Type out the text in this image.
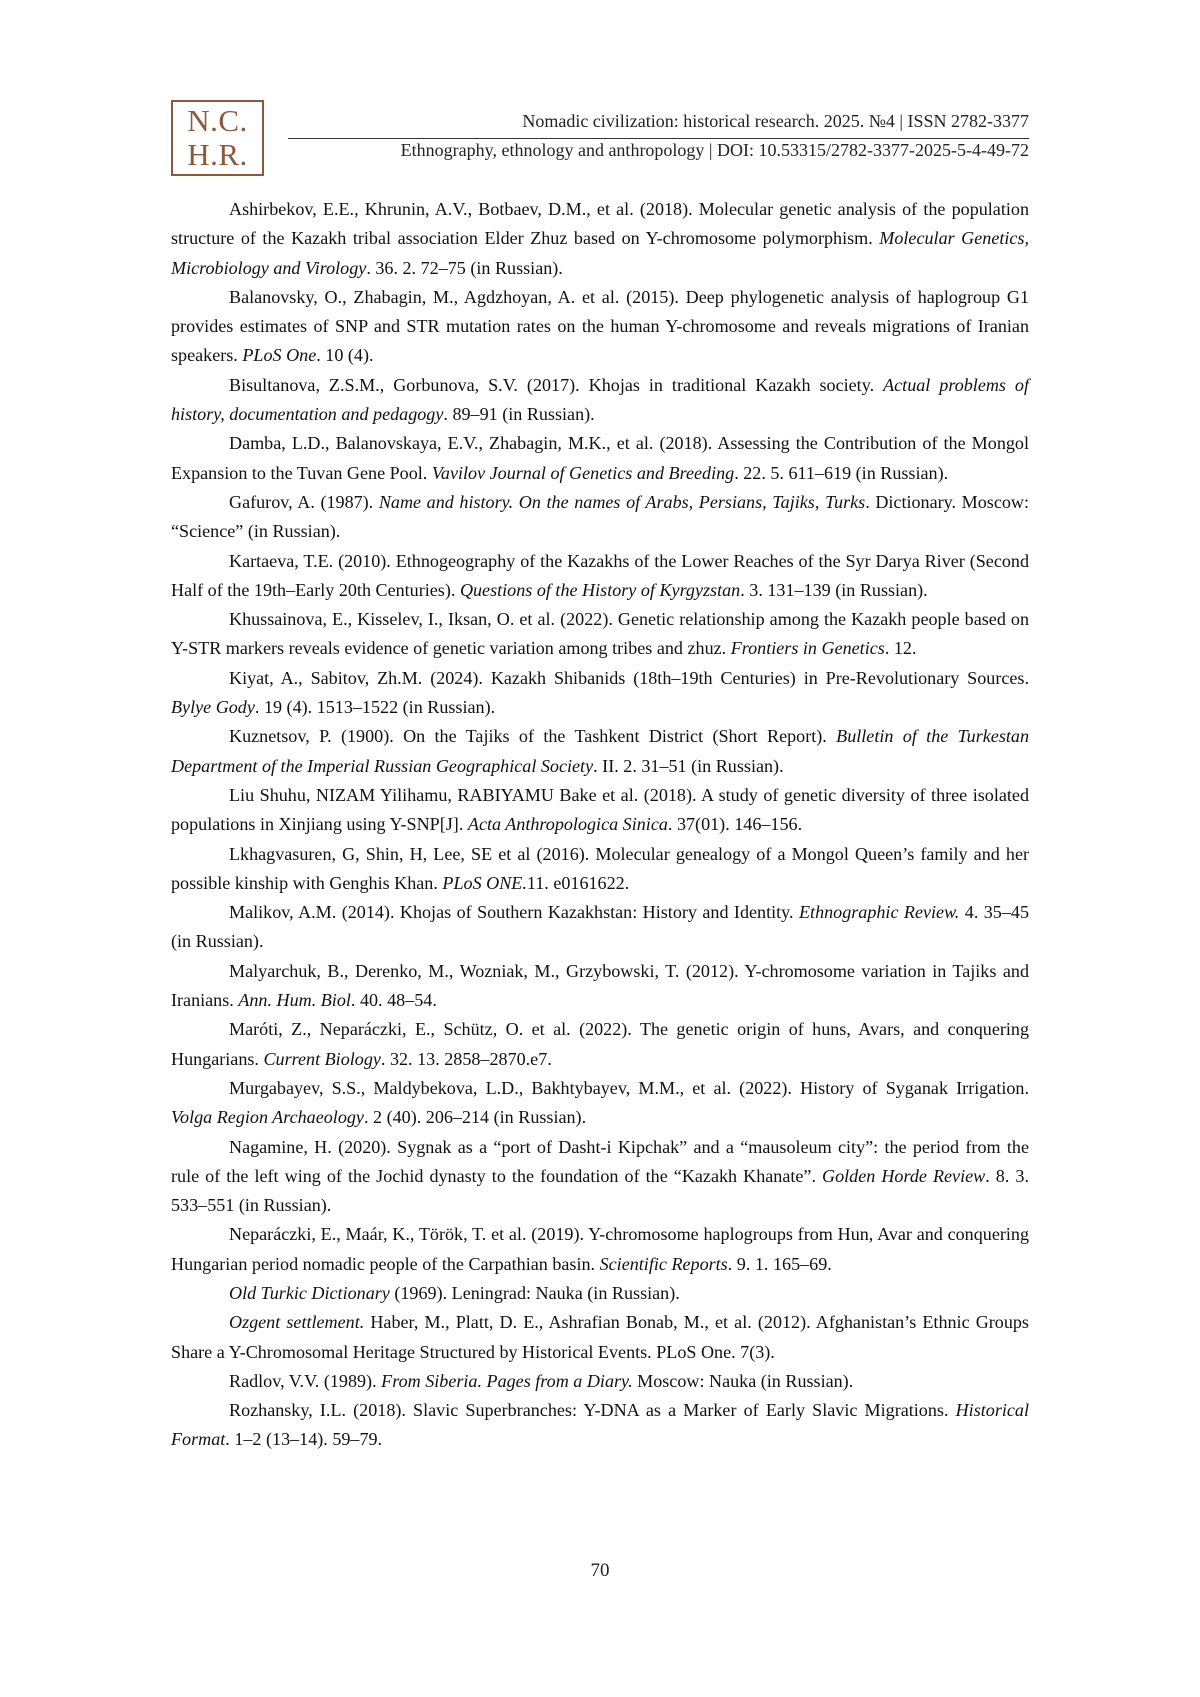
N.C.
H.R.
Nomadic civilization: historical research. 2025. №4 | ISSN 2782-3377
Ethnography, ethnology and anthropology | DOI: 10.53315/2782-3377-2025-5-4-49-72

Ashirbekov, E.E., Khrunin, A.V., Botbaev, D.M., et al. (2018). Molecular genetic analysis of the population structure of the Kazakh tribal association Elder Zhuz based on Y-chromosome polymorphism. Molecular Genetics, Microbiology and Virology. 36. 2. 72–75 (in Russian).

Balanovsky, O., Zhabagin, M., Agdzhoyan, A. et al. (2015). Deep phylogenetic analysis of haplogroup G1 provides estimates of SNP and STR mutation rates on the human Y-chromosome and reveals migrations of Iranian speakers. PLoS One. 10 (4).

Bisultanova, Z.S.M., Gorbunova, S.V. (2017). Khojas in traditional Kazakh society. Actual problems of history, documentation and pedagogy. 89–91 (in Russian).

Damba, L.D., Balanovskaya, E.V., Zhabagin, M.K., et al. (2018). Assessing the Contribution of the Mongol Expansion to the Tuvan Gene Pool. Vavilov Journal of Genetics and Breeding. 22. 5. 611–619 (in Russian).

Gafurov, A. (1987). Name and history. On the names of Arabs, Persians, Tajiks, Turks. Dictionary. Moscow: “Science” (in Russian).

Kartaeva, T.E. (2010). Ethnogeography of the Kazakhs of the Lower Reaches of the Syr Darya River (Second Half of the 19th–Early 20th Centuries). Questions of the History of Kyrgyzstan. 3. 131–139 (in Russian).

Khussainova, E., Kisselev, I., Iksan, O. et al. (2022). Genetic relationship among the Kazakh people based on Y-STR markers reveals evidence of genetic variation among tribes and zhuz. Frontiers in Genetics. 12.

Kiyat, A., Sabitov, Zh.M. (2024). Kazakh Shibanids (18th–19th Centuries) in Pre-Revolutionary Sources. Bylye Gody. 19 (4). 1513–1522 (in Russian).

Kuznetsov, P. (1900). On the Tajiks of the Tashkent District (Short Report). Bulletin of the Turkestan Department of the Imperial Russian Geographical Society. II. 2. 31–51 (in Russian).

Liu Shuhu, NIZAM Yilihamu, RABIYAMU Bake et al. (2018). A study of genetic diversity of three isolated populations in Xinjiang using Y-SNP[J]. Acta Anthropologica Sinica. 37(01). 146–156.

Lkhagvasuren, G, Shin, H, Lee, SE et al (2016). Molecular genealogy of a Mongol Queen’s family and her possible kinship with Genghis Khan. PLoS ONE.11. e0161622.

Malikov, A.M. (2014). Khojas of Southern Kazakhstan: History and Identity. Ethnographic Review. 4. 35–45 (in Russian).

Malyarchuk, B., Derenko, M., Wozniak, M., Grzybowski, T. (2012). Y-chromosome variation in Tajiks and Iranians. Ann. Hum. Biol. 40. 48–54.

Maróti, Z., Neparáczki, E., Schütz, O. et al. (2022). The genetic origin of huns, Avars, and conquering Hungarians. Current Biology. 32. 13. 2858–2870.e7.

Murgabayev, S.S., Maldybekova, L.D., Bakhtybayev, M.M., et al. (2022). History of Syganak Irrigation. Volga Region Archaeology. 2 (40). 206–214 (in Russian).

Nagamine, H. (2020). Sygnak as a “port of Dasht-i Kipchak” and a “mausoleum city”: the period from the rule of the left wing of the Jochid dynasty to the foundation of the “Kazakh Khanate”. Golden Horde Review. 8. 3. 533–551 (in Russian).

Neparáczki, E., Maár, K., Török, T. et al. (2019). Y-chromosome haplogroups from Hun, Avar and conquering Hungarian period nomadic people of the Carpathian basin. Scientific Reports. 9. 1. 165–69.

Old Turkic Dictionary (1969). Leningrad: Nauka (in Russian).

Ozgent settlement. Haber, M., Platt, D. E., Ashrafian Bonab, M., et al. (2012). Afghanistan’s Ethnic Groups Share a Y-Chromosomal Heritage Structured by Historical Events. PLoS One. 7(3).

Radlov, V.V. (1989). From Siberia. Pages from a Diary. Moscow: Nauka (in Russian).

Rozhansky, I.L. (2018). Slavic Superbranches: Y-DNA as a Marker of Early Slavic Migrations. Historical Format. 1–2 (13–14). 59–79.

70
